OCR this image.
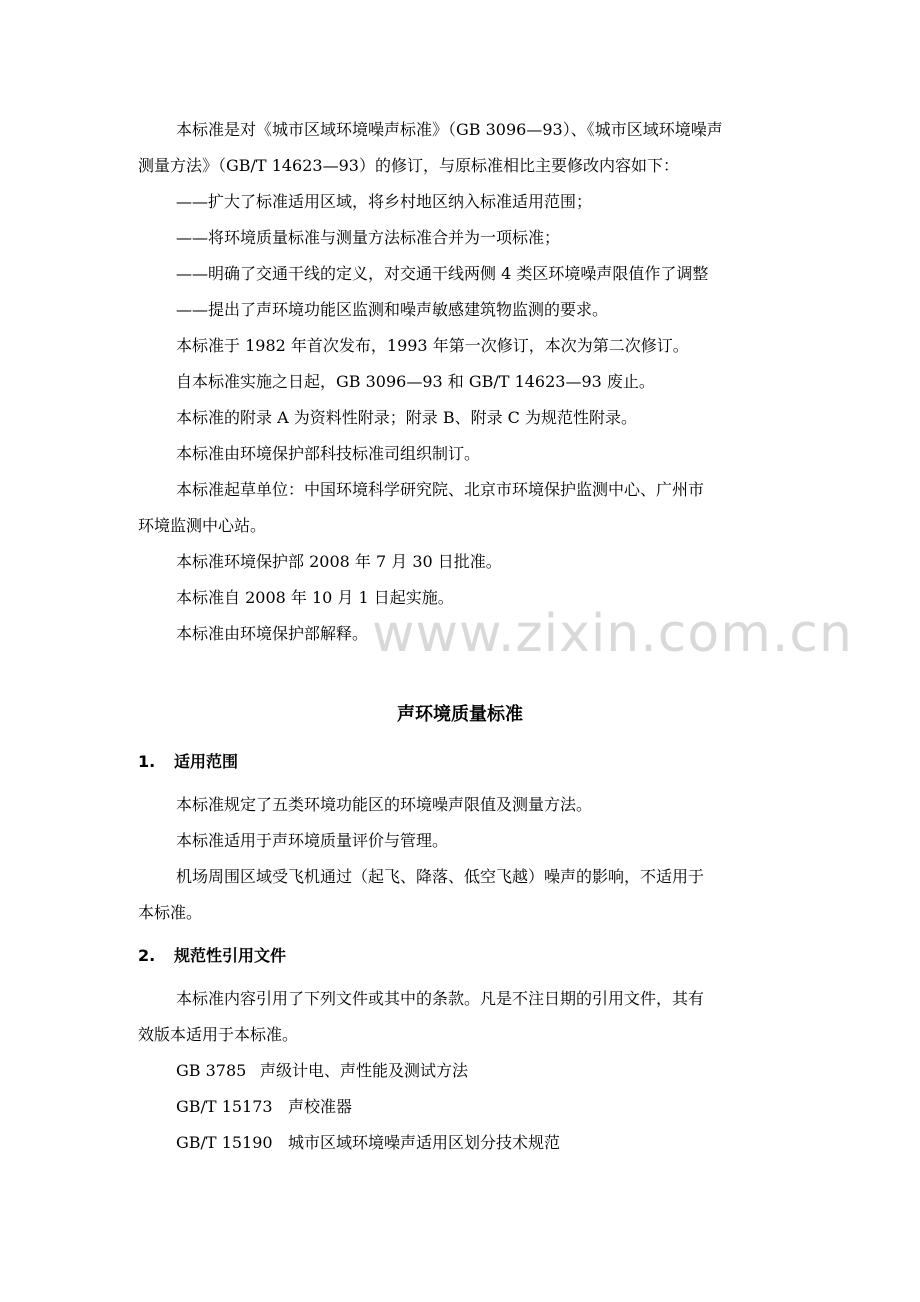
www.zixin.com.cn
本标准是对《城市区域环境噪声标准》（GB 3096—93）、《城市区域环境噪声
测量方法》（GB/T 14623—93）的修订，与原标准相比主要修改内容如下：
——扩大了标准适用区域，将乡村地区纳入标准适用范围；
——将环境质量标准与测量方法标准合并为一项标准；
——明确了交通干线的定义，对交通干线两侧 4 类区环境噪声限值作了调整
——提出了声环境功能区监测和噪声敏感建筑物监测的要求。
本标准于 1982 年首次发布，1993 年第一次修订，本次为第二次修订。
自本标准实施之日起，GB 3096—93 和 GB/T 14623—93 废止。
本标准的附录 A 为资料性附录；附录 B、附录 C 为规范性附录。
本标准由环境保护部科技标准司组织制订。
本标准起草单位：中国环境科学研究院、北京市环境保护监测中心、广州市
环境监测中心站。
本标准环境保护部 2008 年 7 月 30 日批准。
本标准自 2008 年 10 月 1 日起实施。
本标准由环境保护部解释。
声环境质量标准
1. 适用范围
本标准规定了五类环境功能区的环境噪声限值及测量方法。
本标准适用于声环境质量评价与管理。
机场周围区域受飞机通过（起飞、降落、低空飞越）噪声的影响，不适用于
本标准。
2. 规范性引用文件
本标准内容引用了下列文件或其中的条款。凡是不注日期的引用文件，其有
效版本适用于本标准。
GB 3785 声级计电、声性能及测试方法
GB/T 15173 声校准器
GB/T 15190 城市区域环境噪声适用区划分技术规范
